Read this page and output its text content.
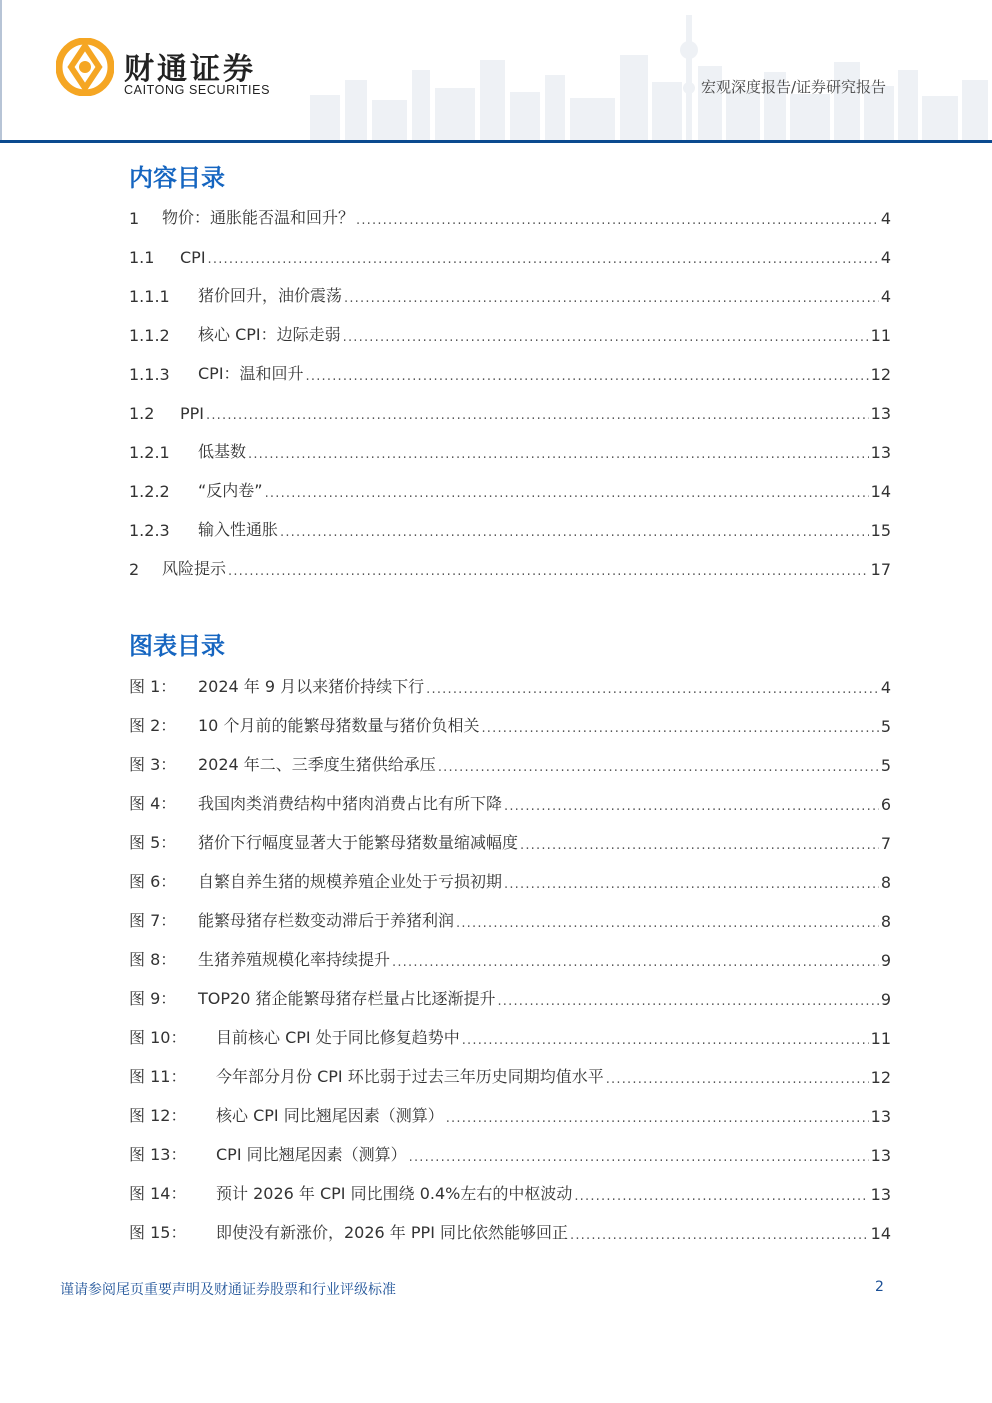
财通证券
CAITONG SECURITIES	宏观深度报告/证券研究报告
内容目录
1	物价：通胀能否温和回升？ .....	4
1.1	CPI .....	4
1.1.1	猪价回升，油价震荡 .....	4
1.1.2	核心 CPI：边际走弱 .....	11
1.1.3	CPI：温和回升 .....	12
1.2	PPI .....	13
1.2.1	低基数 .....	13
1.2.2	“反内卷” .....	14
1.2.3	输入性通胀 .....	15
2	风险提示 .....	17
图表目录
图 1：	2024 年 9 月以来猪价持续下行 .....	4
图 2：	10 个月前的能繁母猪数量与猪价负相关 .....	5
图 3：	2024 年二、三季度生猪供给承压 .....	5
图 4：	我国肉类消费结构中猪肉消费占比有所下降 .....	6
图 5：	猪价下行幅度显著大于能繁母猪数量缩减幅度 .....	7
图 6：	自繁自养生猪的规模养殖企业处于亏损初期 .....	8
图 7：	能繁母猪存栏数变动滞后于养猪利润 .....	8
图 8：	生猪养殖规模化率持续提升 .....	9
图 9：	TOP20 猪企能繁母猪存栏量占比逐渐提升 .....	9
图 10：	目前核心 CPI 处于同比修复趋势中 .....	11
图 11：	今年部分月份 CPI 环比弱于过去三年历史同期均值水平 .....	12
图 12：	核心 CPI 同比翘尾因素（测算） .....	13
图 13：	CPI 同比翘尾因素（测算） .....	13
图 14：	预计 2026 年 CPI 同比围绕 0.4%左右的中枢波动 .....	13
图 15：	即使没有新涨价，2026 年 PPI 同比依然能够回正 .....	14
谨请参阅尾页重要声明及财通证券股票和行业评级标准	2
